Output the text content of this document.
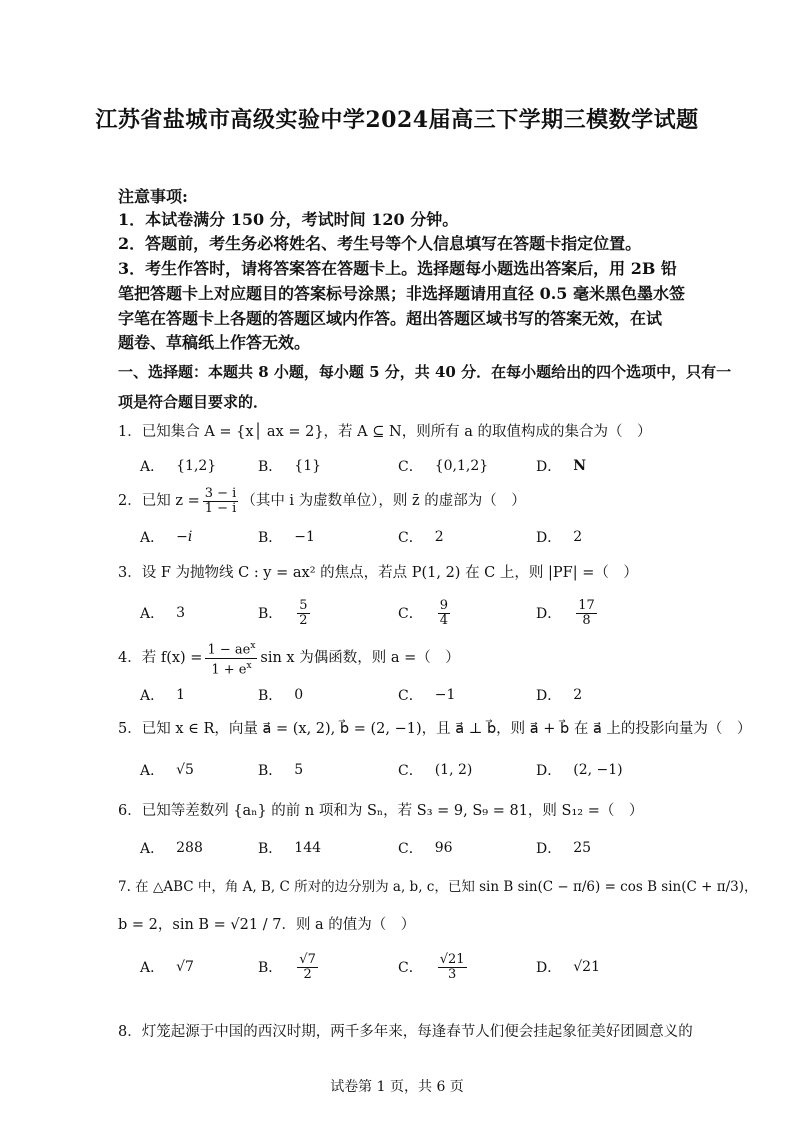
江苏省盐城市高级实验中学2024届高三下学期三模数学试题
注意事项:
1．本试卷满分 150 分，考试时间 120 分钟。
2．答题前，考生务必将姓名、考生号等个人信息填写在答题卡指定位置。
3．考生作答时，请将答案答在答题卡上。选择题每小题选出答案后，用 2B 铅
笔把答题卡上对应题目的答案标号涂黑；非选择题请用直径 0.5 毫米黑色墨水签
字笔在答题卡上各题的答题区域内作答。超出答题区域书写的答案无效，在试
题卷、草稿纸上作答无效。
一、选择题：本题共 8 小题，每小题 5 分，共 40 分．在每小题给出的四个选项中，只有一
项是符合题目要求的．
1．已知集合 A = {x│ ax = 2}，若 A ⊆ N，则所有 a 的取值构成的集合为（　）
A． {1,2}	B． {1}	C． {0,1,2}	D． N
2．已知 $z = \frac{3 - i}{1 - i}$ （其中 i 为虚数单位），则 z̄ 的虚部为（　）
A． −i	B． −1	C． 2	D． 2
3．设 F 为抛物线 C : y = ax² 的焦点，若点 P(1, 2) 在 C 上，则 |PF| =（　）
A． 3	B． $\frac{5}{2}$	C． $\frac{9}{4}$	D． $\frac{17}{8}$
4．若 $f(x) = \frac{1 - ae^x}{1 + e^x}$ sin x 为偶函数，则 a =（　）
A． 1	B． 0	C． −1	D． 2
5．已知 x ∈ R，向量 a⃗ = (x, 2), b⃗ = (2, −1)，且 a⃗ ⊥ b⃗，则 a⃗ + b⃗ 在 a⃗ 上的投影向量为（　）
A． √5	B． 5	C． (1, 2)	D． (2, −1)
6．已知等差数列 {aₙ} 的前 n 项和为 Sₙ，若 S₃ = 9, S₉ = 81，则 S₁₂ =（　）
A． 288	B． 144	C． 96	D． 25
7. 在 △ABC 中，角 A, B, C 所对的边分别为 a, b, c，已知 sin B sin(C − π/6) = cos B sin(C + π/3)，
b = 2，sin B = √21 / 7．则 a 的值为（　）
A． √7	B． $\frac{√7}{2}$	C． $\frac{√21}{3}$	D． √21
8．灯笼起源于中国的西汉时期，两千多年来，每逢春节人们便会挂起象征美好团圆意义的
试卷第 1 页，共 6 页
